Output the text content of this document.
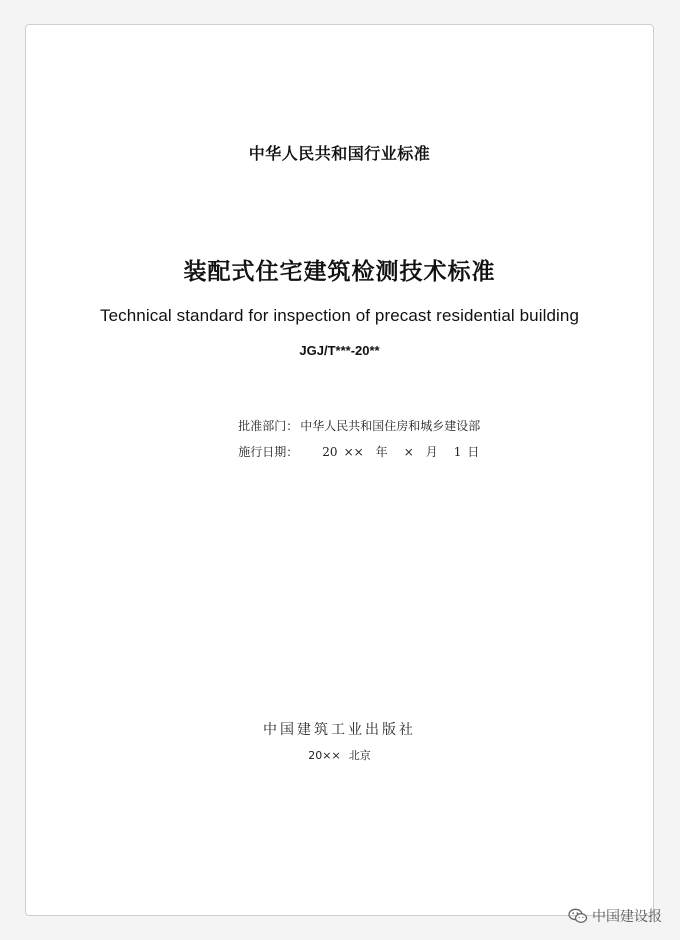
中华人民共和国行业标准
装配式住宅建筑检测技术标准
Technical standard for inspection of precast residential building
JGJ/T***-20**

批准部门： 中华人民共和国住房和城乡建设部

施行日期： 20 ×× 年 × 月 1 日

中国建筑工业出版社
20×× 北京
中国建设报
